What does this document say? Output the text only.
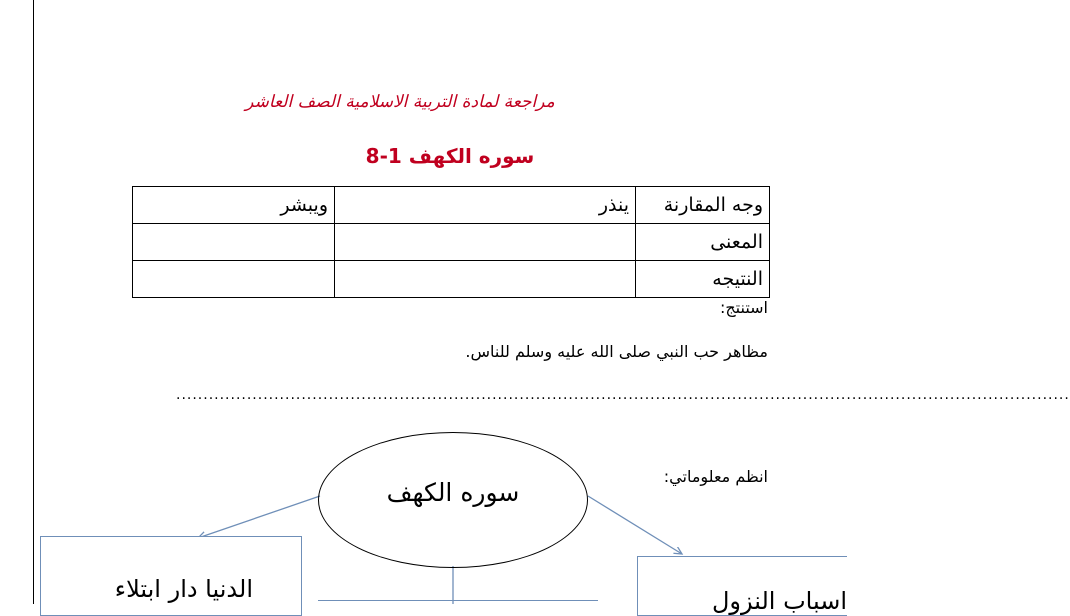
مراجعة لمادة التربية الاسلامية الصف العاشر
سوره الكهف 1-8
وجه المقارنة	ينذر	ويبشر
المعنى		
النتيجه		
استنتج:
مظاهر حب النبي صلى الله عليه وسلم للناس.
....................................................................................................................................................................
انظم معلوماتي:
سوره الكهف
الدنيا دار ابتلاء	اسباب النزول
